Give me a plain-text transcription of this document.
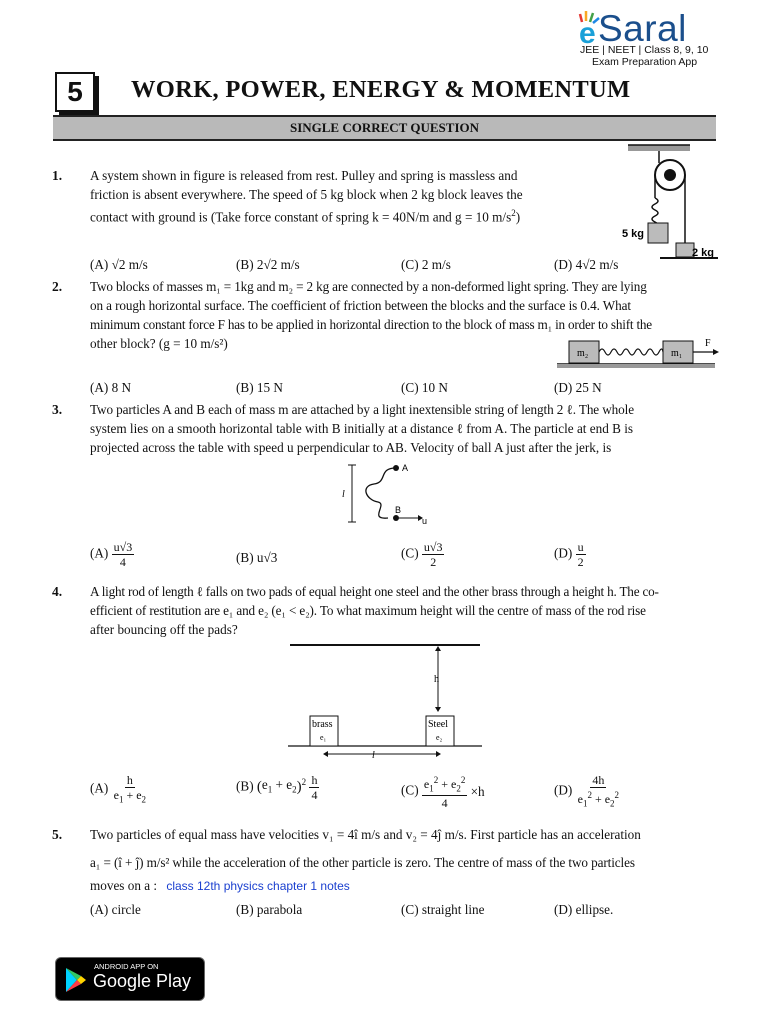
e Saral
JEE | NEET | Class 8, 9, 10
Exam Preparation App
5	WORK, POWER, ENERGY & MOMENTUM
SINGLE CORRECT QUESTION
1. A system shown in figure is released from rest. Pulley and spring is massless and
friction is absent everywhere. The speed of 5 kg block when 2 kg block leaves the
contact with ground is (Take force constant of spring k = 40N/m and g = 10 $m/s^2$)
5 kg
2 kg
(A) √2 m/s	(B) 2√2 m/s	(C) 2 m/s	(D) 4√2 m/s
2. Two blocks of masses m₁ = 1kg and m₂ = 2 kg are connected by a non-deformed light spring. They are lying
on a rough horizontal surface. The coefficient of friction between the blocks and the surface is 0.4. What
minimum constant force F has to be applied in horizontal direction to the block of mass m₁ in order to shift the
other block? (g = 10 m/s²)
m₂	m₁
F
(A) 8 N	(B) 15 N	(C) 10 N	(D) 25 N
3. Two particles A and B each of mass m are attached by a light inextensible string of length 2 ℓ. The whole
system lies on a smooth horizontal table with B initially at a distance ℓ from A. The particle at end B is
projected across the table with speed u perpendicular to AB. Velocity of ball A just after the jerk, is
l
A
B
u
$(A) \frac{u√3}{4}$	(B) u√3	$(C) \frac{u√3}{2}$	$(D) \frac{u}{2}$
4. A light rod of length ℓ falls on two pads of equal height one steel and the other brass through a height h. The co-
efficient of restitution are e₁ and e₂ (e₁ < e₂). To what maximum height will the centre of mass of the rod rise
after bouncing off the pads?
h
brass
e₁
Steel
e₂
l
$(A) \frac{h}{e_1 + e_2}$	(B) $(e_1 + e_2)^2 \frac{h}{4}$	$(C) \frac{e_1^2 + e_2^2}{4} \times h$	$(D) \frac{4h}{e_1^2 + e_2^2}$
5. Two particles of equal mass have velocities v₁ = 4î m/s and v₂ = 4ĵ m/s. First particle has an acceleration
a₁ = (î + ĵ) m/s² while the acceleration of the other particle is zero. The centre of mass of the two particles
moves on a : class 12th physics chapter 1 notes
(A) circle	(B) parabola	(C) straight line	(D) ellipse.
ANDROID APP ON
Google Play
